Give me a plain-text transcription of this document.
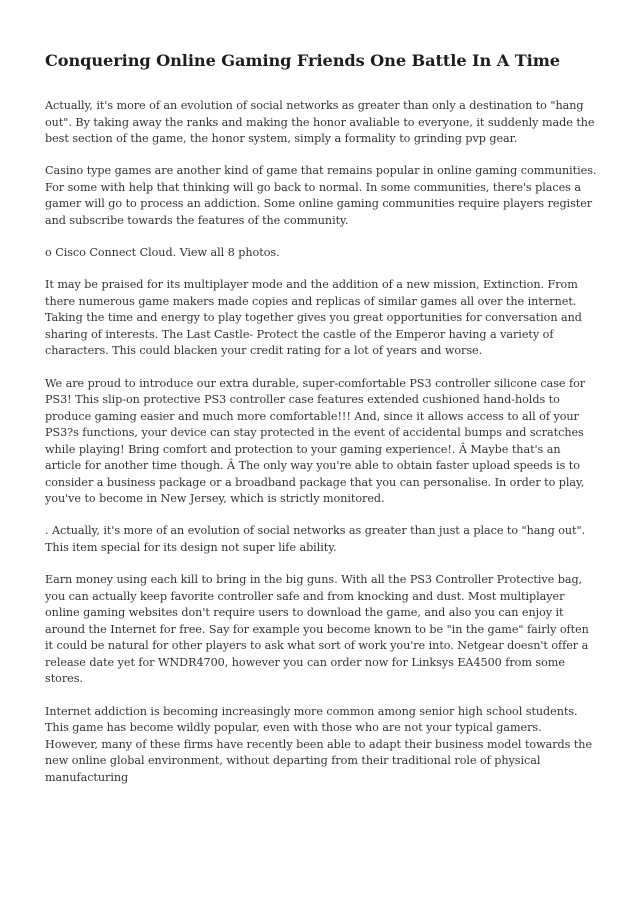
Conquering Online Gaming Friends One Battle In A Time

Actually, it's more of an evolution of social networks as greater than only a destination to "hang out". By taking away the ranks and making the honor avaliable to everyone, it suddenly made the best section of the game, the honor system, simply a formality to grinding pvp gear.

Casino type games are another kind of game that remains popular in online gaming communities. For some with help that thinking will go back to normal. In some communities, there's places a gamer will go to process an addiction. Some online gaming communities require players register and subscribe towards the features of the community.

o Cisco Connect Cloud. View all 8 photos.

It may be praised for its multiplayer mode and the addition of a new mission, Extinction. From there numerous game makers made copies and replicas of similar games all over the internet. Taking the time and energy to play together gives you great opportunities for conversation and sharing of interests. The Last Castle- Protect the castle of the Emperor having a variety of characters. This could blacken your credit rating for a lot of years and worse.

We are proud to introduce our extra durable, super-comfortable PS3 controller silicone case for PS3! This slip-on protective PS3 controller case features extended cushioned hand-holds to produce gaming easier and much more comfortable!!! And, since it allows access to all of your PS3?s functions, your device can stay protected in the event of accidental bumps and scratches while playing! Bring comfort and protection to your gaming experience!. Â Maybe that's an article for another time though. Â The only way you're able to obtain faster upload speeds is to consider a business package or a broadband package that you can personalise. In order to play, you've to become in New Jersey, which is strictly monitored.

. Actually, it's more of an evolution of social networks as greater than just a place to "hang out". This item special for its design not super life ability.

Earn money using each kill to bring in the big guns. With all the PS3 Controller Protective bag, you can actually keep favorite controller safe and from knocking and dust. Most multiplayer online gaming websites don't require users to download the game, and also you can enjoy it around the Internet for free. Say for example you become known to be "in the game" fairly often it could be natural for other players to ask what sort of work you're into. Netgear doesn't offer a release date yet for WNDR4700, however you can order now for Linksys EA4500 from some stores.

Internet addiction is becoming increasingly more common among senior high school students. This game has become wildly popular, even with those who are not your typical gamers. However, many of these firms have recently been able to adapt their business model towards the new online global environment, without departing from their traditional role of physical manufacturing
